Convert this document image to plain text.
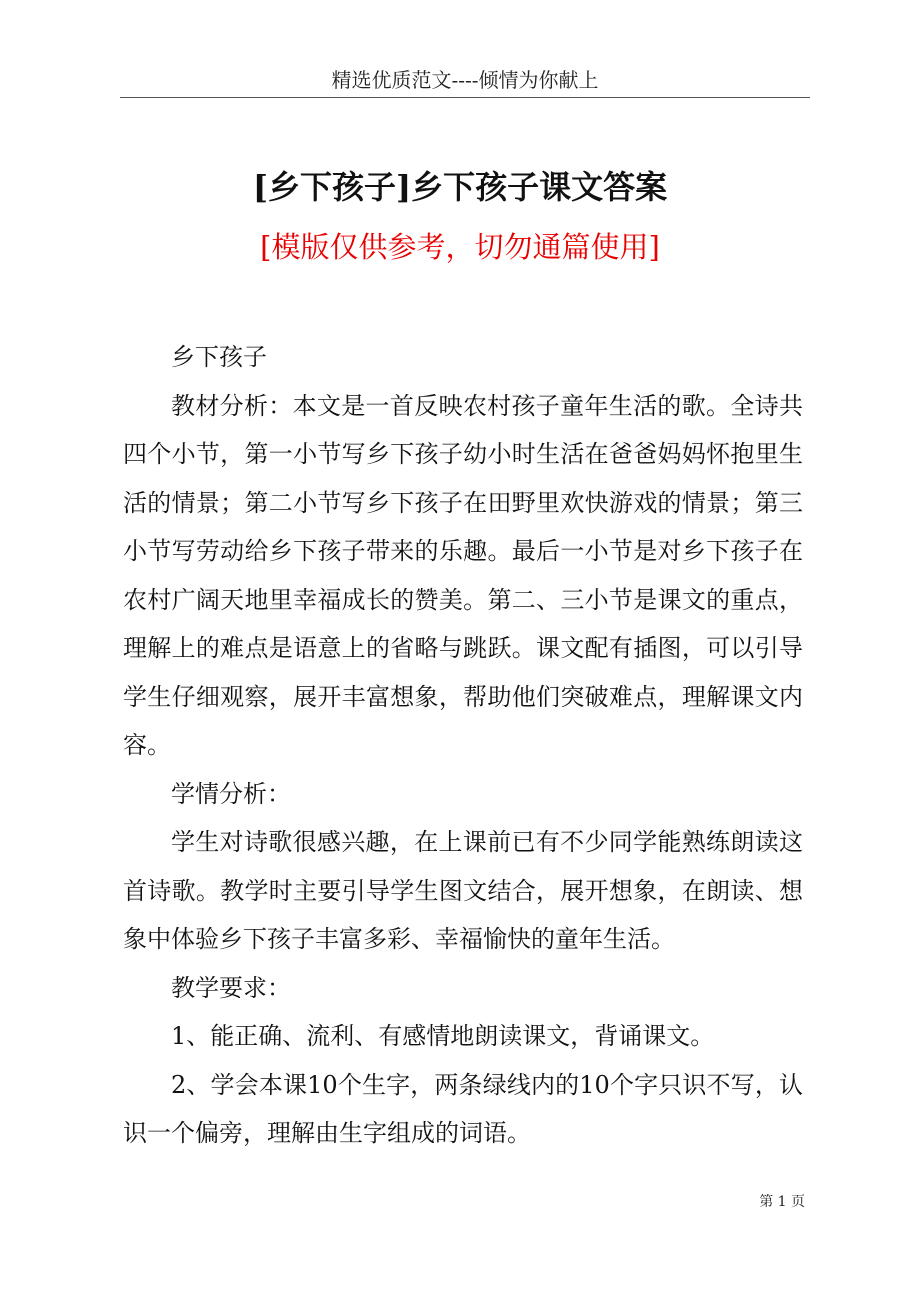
精选优质范文----倾情为你献上
[乡下孩子]乡下孩子课文答案
[模版仅供参考，切勿通篇使用]

乡下孩子

教材分析：本文是一首反映农村孩子童年生活的歌。全诗共四个小节，第一小节写乡下孩子幼小时生活在爸爸妈妈怀抱里生活的情景；第二小节写乡下孩子在田野里欢快游戏的情景；第三小节写劳动给乡下孩子带来的乐趣。最后一小节是对乡下孩子在农村广阔天地里幸福成长的赞美。第二、三小节是课文的重点，理解上的难点是语意上的省略与跳跃。课文配有插图，可以引导学生仔细观察，展开丰富想象，帮助他们突破难点，理解课文内容。

学情分析：

学生对诗歌很感兴趣，在上课前已有不少同学能熟练朗读这首诗歌。教学时主要引导学生图文结合，展开想象，在朗读、想象中体验乡下孩子丰富多彩、幸福愉快的童年生活。

教学要求：

1、能正确、流利、有感情地朗读课文，背诵课文。

2、学会本课10个生字，两条绿线内的10个字只识不写，认识一个偏旁，理解由生字组成的词语。

第 1 页
